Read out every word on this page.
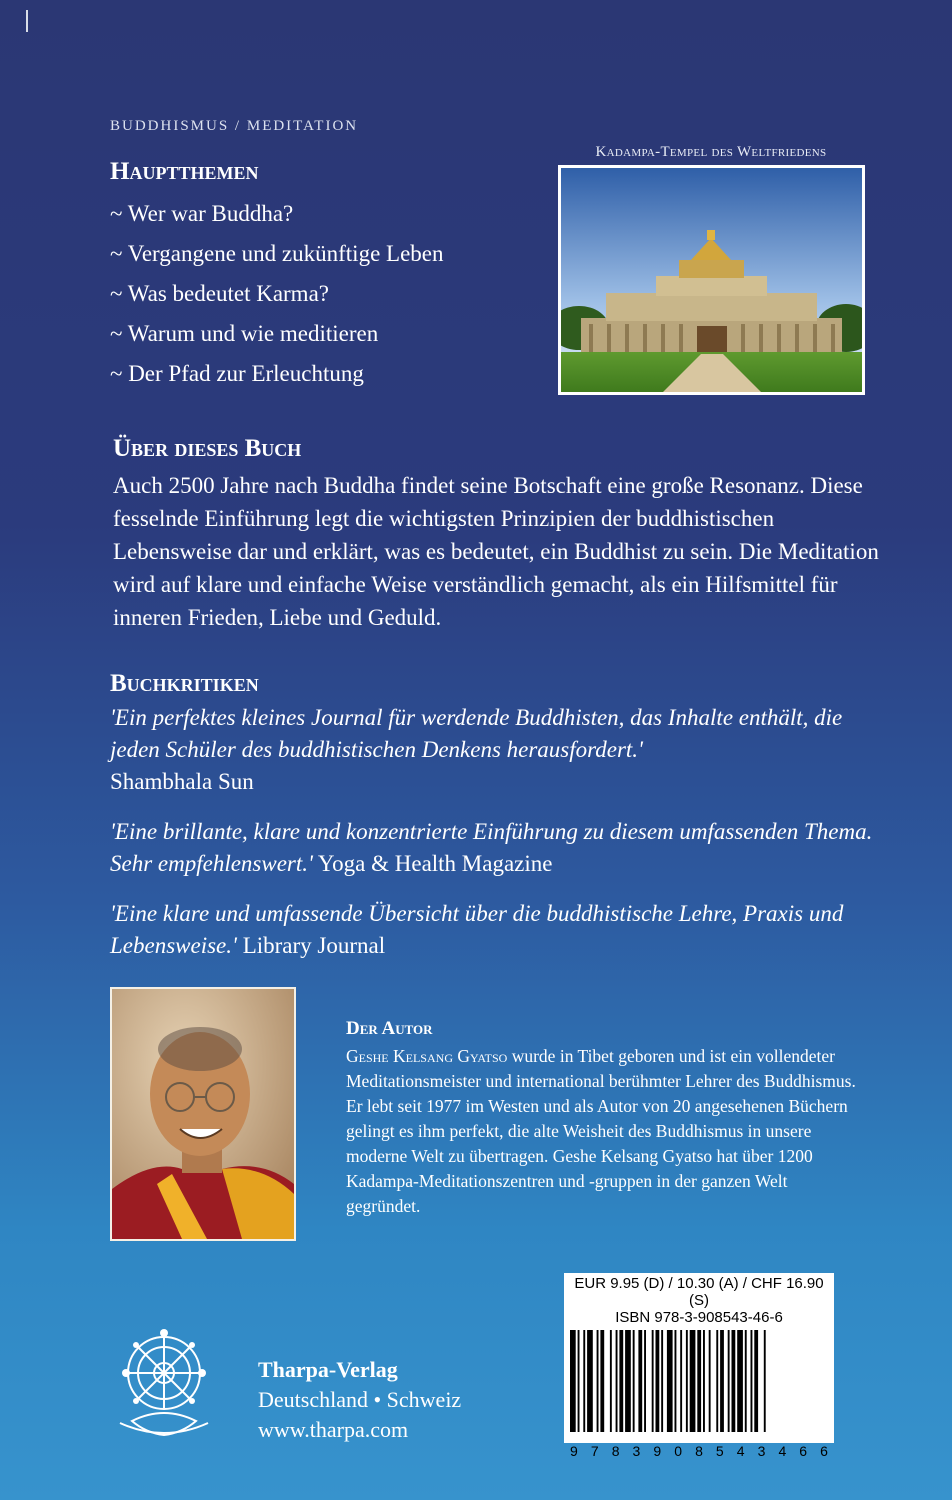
BUDDHISMUS / MEDITATION
Hauptthemen
~ Wer war Buddha?
~ Vergangene und zukünftige Leben
~ Was bedeutet Karma?
~ Warum und wie meditieren
~ Der Pfad zur Erleuchtung
Kadampa-Tempel des Weltfriedens
Über dieses Buch

Auch 2500 Jahre nach Buddha findet seine Botschaft eine große Resonanz. Diese fesselnde Einführung legt die wichtigsten Prinzipien der buddhistischen Lebensweise dar und erklärt, was es bedeutet, ein Buddhist zu sein. Die Meditation wird auf klare und einfache Weise verständlich gemacht, als ein Hilfsmittel für inneren Frieden, Liebe und Geduld.

Buchkritiken
'Ein perfektes kleines Journal für werdende Buddhisten, das Inhalte enthält, die jeden Schüler des buddhistischen Denkens herausfordert.'
Shambhala Sun
'Eine brillante, klare und konzentrierte Einführung zu diesem umfassenden Thema. Sehr empfehlenswert.' Yoga & Health Magazine
'Eine klare und umfassende Übersicht über die buddhistische Lehre, Praxis und Lebensweise.' Library Journal
Der Autor

Geshe Kelsang Gyatso wurde in Tibet geboren und ist ein vollendeter Meditationsmeister und international berühmter Lehrer des Buddhismus. Er lebt seit 1977 im Westen und als Autor von 20 angesehenen Büchern gelingt es ihm perfekt, die alte Weisheit des Buddhismus in unsere moderne Welt zu übertragen. Geshe Kelsang Gyatso hat über 1200 Kadampa-Meditationszentren und -gruppen in der ganzen Welt gegründet.

Tharpa-Verlag
Deutschland • Schweiz
www.tharpa.com
EUR 9.95 (D) / 10.30 (A) / CHF 16.90 (S)
ISBN 978-3-908543-46-6
9 7 8 3 9 0 8 5 4 3 4 6 6
